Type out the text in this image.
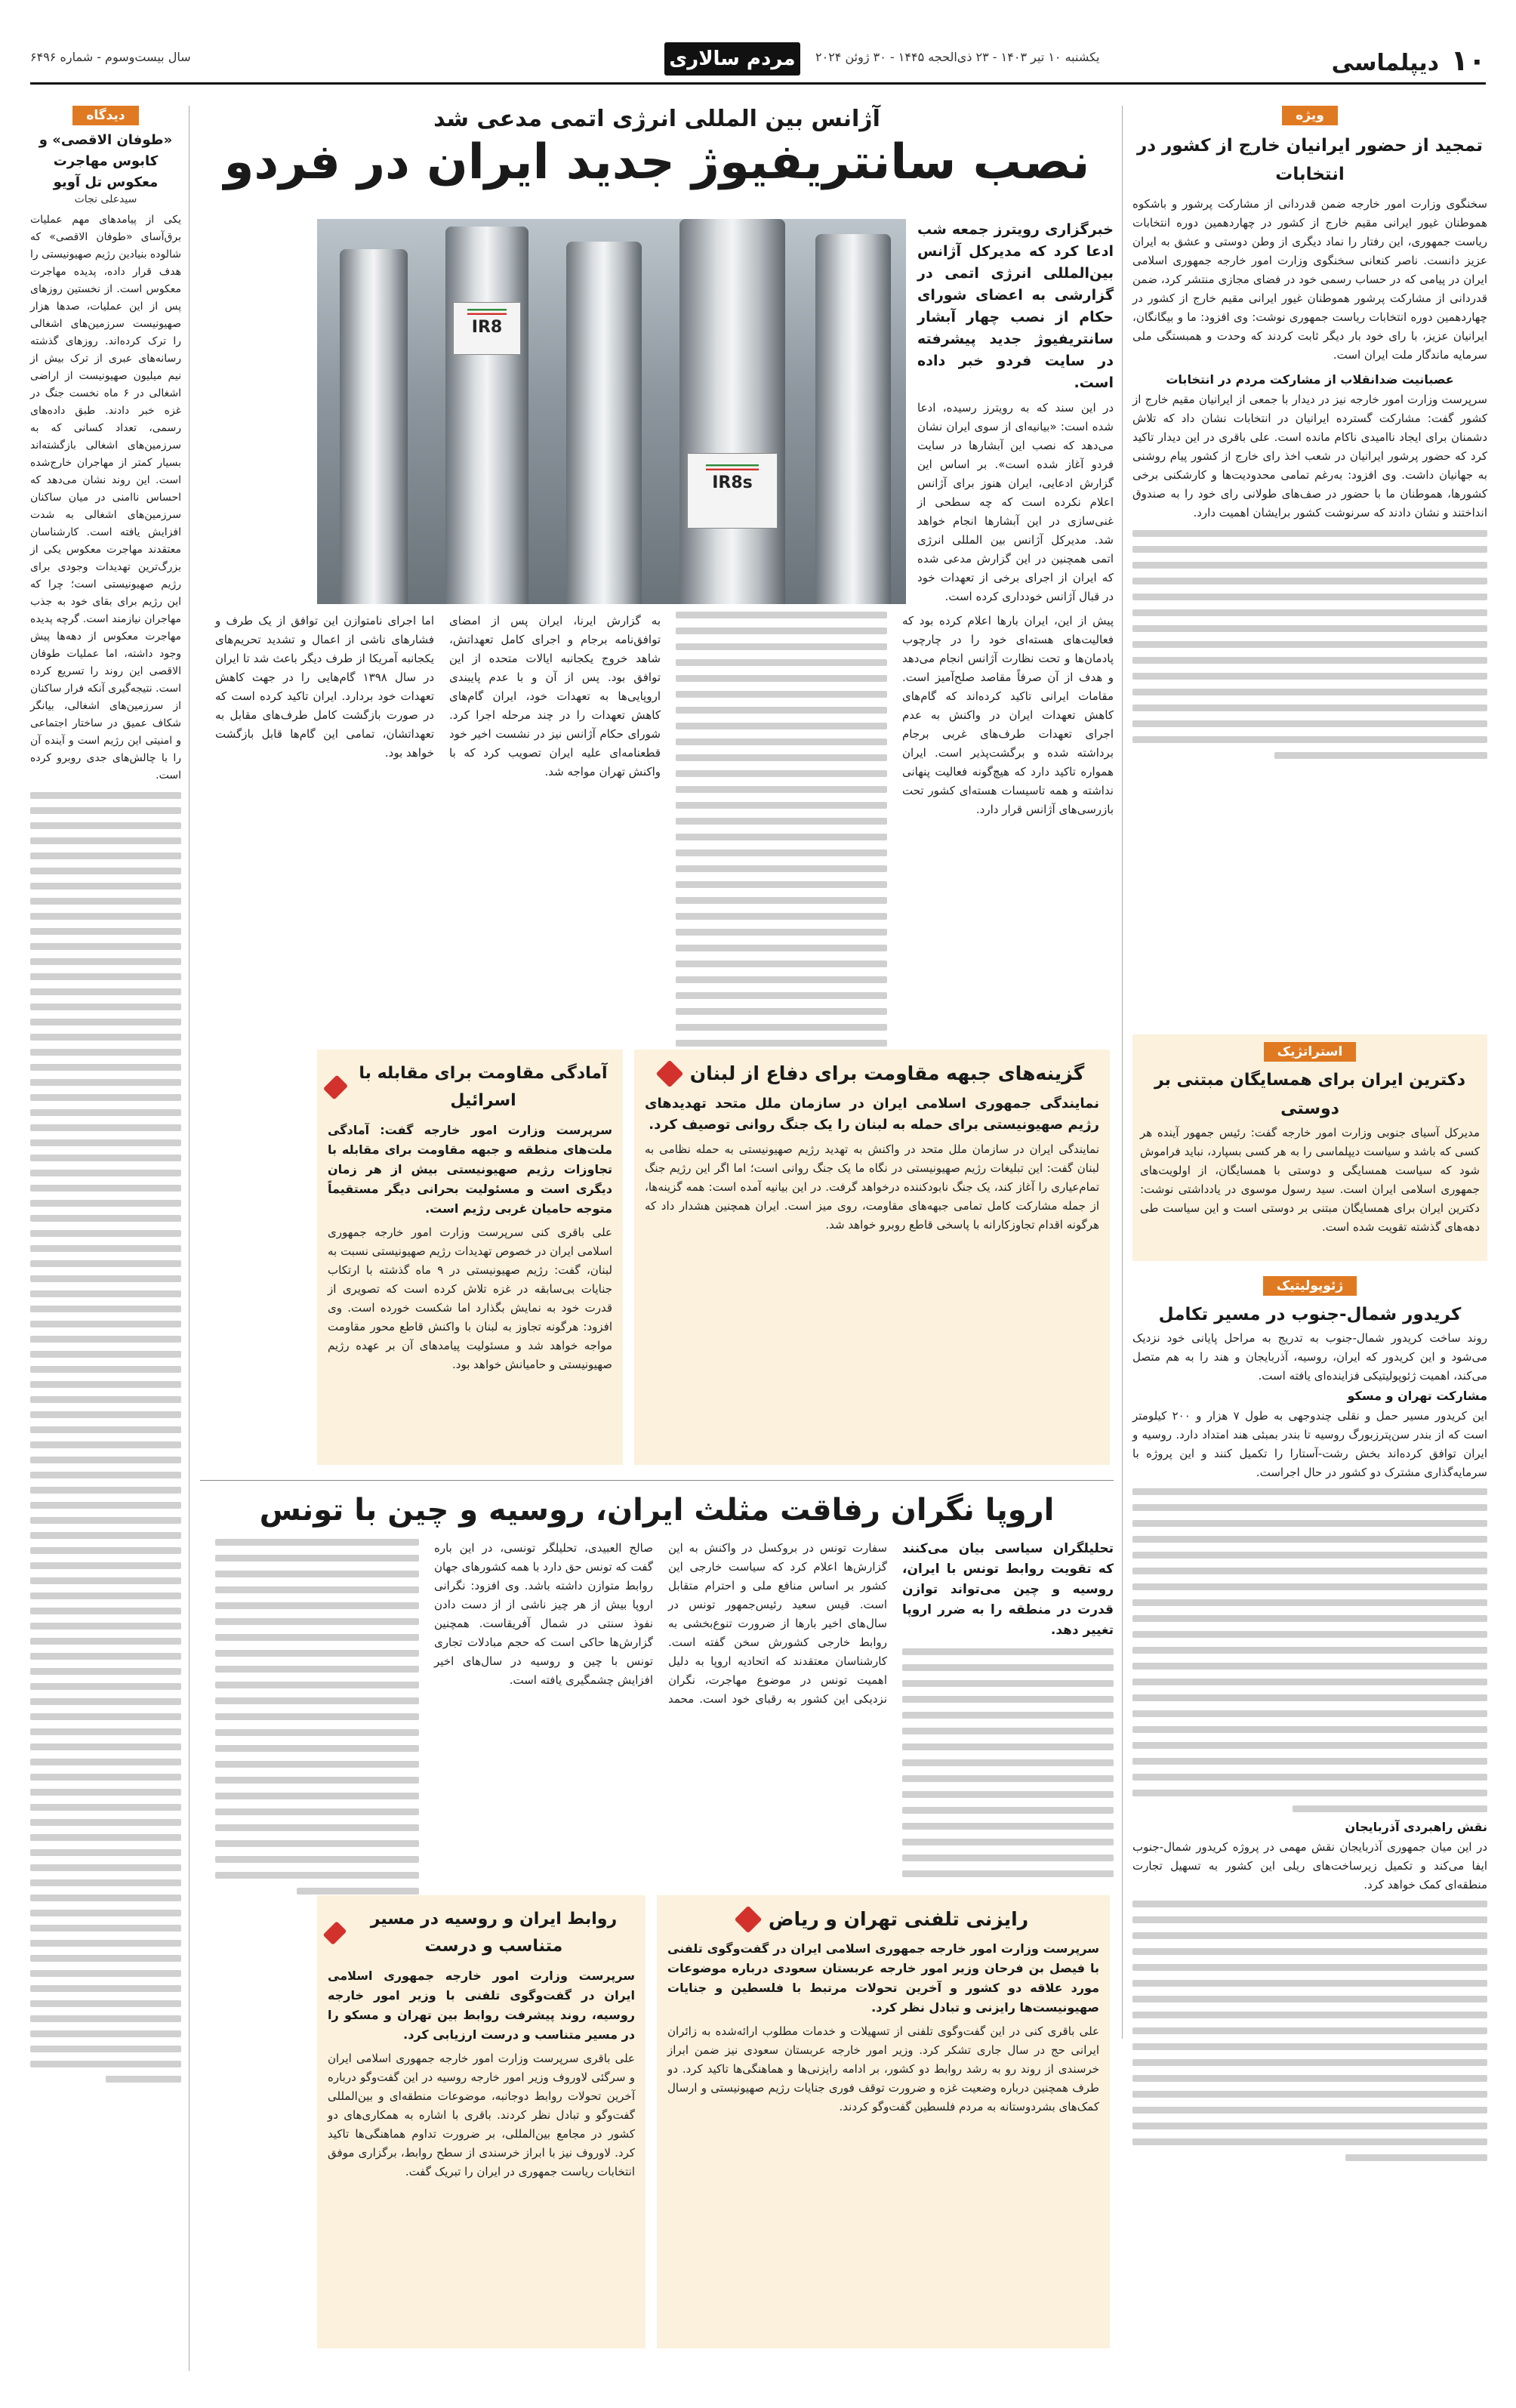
۱۰
دیپلماسی
مردم سالاری	یکشنبه ۱۰ تیر ۱۴۰۳ - ۲۳ ذی‌الحجه ۱۴۴۵ - ۳۰ ژوئن ۲۰۲۴
سال بیست‌وسوم - شماره ۶۴۹۶
ویژه
تمجید از حضور ایرانیان خارج از کشور در انتخابات
سخنگوی وزارت امور خارجه ضمن قدردانی از مشارکت پرشور و باشکوه هموطنان غیور ایرانی مقیم خارج از کشور در چهاردهمین دوره انتخابات ریاست جمهوری، این رفتار را نماد دیگری از وطن دوستی و عشق به ایران عزیز دانست. ناصر کنعانی سخنگوی وزارت امور خارجه جمهوری اسلامی ایران در پیامی که در حساب رسمی خود در فضای مجازی منتشر کرد، ضمن قدردانی از مشارکت پرشور هموطنان غیور ایرانی مقیم خارج از کشور در چهاردهمین دوره انتخابات ریاست جمهوری نوشت: وی افزود: ما و بیگانگان، ایرانیان عزیز، با رای خود بار دیگر ثابت کردند که وحدت و همبستگی ملی سرمایه ماندگار ملت ایران است.
عصبانیت ضدانقلاب از مشارکت مردم در انتخابات
سرپرست وزارت امور خارجه نیز در دیدار با جمعی از ایرانیان مقیم خارج از کشور گفت: مشارکت گسترده ایرانیان در انتخابات نشان داد که تلاش دشمنان برای ایجاد ناامیدی ناکام مانده است. علی باقری در این دیدار تاکید کرد که حضور پرشور ایرانیان در شعب اخذ رای خارج از کشور پیام روشنی به جهانیان داشت. وی افزود: به‌رغم تمامی محدودیت‌ها و کارشکنی برخی کشورها، هموطنان ما با حضور در صف‌های طولانی رای خود را به صندوق انداختند و نشان دادند که سرنوشت کشور برایشان اهمیت دارد.
استراتژیک
دکترین ایران برای همسایگان مبتنی بر دوستی
مدیرکل آسیای جنوبی وزارت امور خارجه گفت: رئیس جمهور آینده هر کسی که باشد و سیاست دیپلماسی را به هر کسی بسپارد، نباید فراموش شود که سیاست همسایگی و دوستی با همسایگان، از اولویت‌های جمهوری اسلامی ایران است. سید رسول موسوی در یادداشتی نوشت: دکترین ایران برای همسایگان مبتنی بر دوستی است و این سیاست طی دهه‌های گذشته تقویت شده است.
ژئوپولیتیک
کریدور شمال-جنوب در مسیر تکامل
روند ساخت کریدور شمال-جنوب به تدریج به مراحل پایانی خود نزدیک می‌شود و این کریدور که ایران، روسیه، آذربایجان و هند را به هم متصل می‌کند، اهمیت ژئوپولیتیکی فزاینده‌ای یافته است.
مشارکت تهران و مسکو
این کریدور مسیر حمل و نقلی چندوجهی به طول ۷ هزار و ۲۰۰ کیلومتر است که از بندر سن‌پترزبورگ روسیه تا بندر بمبئی هند امتداد دارد. روسیه و ایران توافق کرده‌اند بخش رشت-آستارا را تکمیل کنند و این پروژه با سرمایه‌گذاری مشترک دو کشور در حال اجراست.
نقش راهبردی آذربایجان
در این میان جمهوری آذربایجان نقش مهمی در پروژه کریدور شمال-جنوب ایفا می‌کند و تکمیل زیرساخت‌های ریلی این کشور به تسهیل تجارت منطقه‌ای کمک خواهد کرد.
آژانس بین المللی انرژی اتمی مدعی شد
نصب سانتریفیوژ جدید ایران در فردو
خبرگزاری رویترز جمعه شب ادعا کرد که مدیرکل آژانس بین‌المللی انرژی اتمی در گزارشی به اعضای شورای حکام از نصب چهار آبشار سانتریفیوژ جدید پیشرفته در سایت فردو خبر داده است.
در این سند که به رویترز رسیده، ادعا شده است: «بیانیه‌ای از سوی ایران نشان می‌دهد که نصب این آبشارها در سایت فردو آغاز شده است». بر اساس این گزارش ادعایی، ایران هنوز برای آژانس اعلام نکرده است که چه سطحی از غنی‌سازی در این آبشارها انجام خواهد شد. مدیرکل آژانس بین المللی انرژی اتمی همچنین در این گزارش مدعی شده که ایران از اجرای برخی از تعهدات خود در قبال آژانس خودداری کرده است.
IR8
IR8s
پیش از این، ایران بارها اعلام کرده بود که فعالیت‌های هسته‌ای خود را در چارچوب پادمان‌ها و تحت نظارت آژانس انجام می‌دهد و هدف از آن صرفاً مقاصد صلح‌آمیز است. مقامات ایرانی تاکید کرده‌اند که گام‌های کاهش تعهدات ایران در واکنش به عدم اجرای تعهدات طرف‌های غربی برجام برداشته شده و برگشت‌پذیر است. ایران همواره تاکید دارد که هیچ‌گونه فعالیت پنهانی نداشته و همه تاسیسات هسته‌ای کشور تحت بازرسی‌های آژانس قرار دارد.
به گزارش ایرنا، ایران پس از امضای توافق‌نامه برجام و اجرای کامل تعهداتش، شاهد خروج یکجانبه ایالات متحده از این توافق بود. پس از آن و با عدم پایبندی اروپایی‌ها به تعهدات خود، ایران گام‌های کاهش تعهدات را در چند مرحله اجرا کرد. شورای حکام آژانس نیز در نشست اخیر خود قطعنامه‌ای علیه ایران تصویب کرد که با واکنش تهران مواجه شد.
اما اجرای نامتوازن این توافق از یک طرف و فشارهای ناشی از اعمال و تشدید تحریم‌های یکجانبه آمریکا از طرف دیگر باعث شد تا ایران در سال ۱۳۹۸ گام‌هایی را در جهت کاهش تعهدات خود بردارد. ایران تاکید کرده است که در صورت بازگشت کامل طرف‌های مقابل به تعهداتشان، تمامی این گام‌ها قابل بازگشت خواهد بود.
گزینه‌های جبهه مقاومت برای دفاع از لبنان
نمایندگی جمهوری اسلامی ایران در سازمان ملل متحد تهدیدهای رژیم صهیونیستی برای حمله به لبنان را یک جنگ روانی توصیف کرد.
نمایندگی ایران در سازمان ملل متحد در واکنش به تهدید رژیم صهیونیستی به حمله نظامی به لبنان گفت: این تبلیغات رژیم صهیونیستی در نگاه ما یک جنگ روانی است؛ اما اگر این رژیم جنگ تمام‌عیاری را آغاز کند، یک جنگ نابودکننده درخواهد گرفت. در این بیانیه آمده است: همه گزینه‌ها، از جمله مشارکت کامل تمامی جبهه‌های مقاومت، روی میز است. ایران همچنین هشدار داد که هرگونه اقدام تجاوزکارانه با پاسخی قاطع روبرو خواهد شد.
آمادگی مقاومت برای مقابله با اسرائیل
سرپرست وزارت امور خارجه گفت: آمادگی ملت‌های منطقه و جبهه مقاومت برای مقابله با تجاوزات رژیم صهیونیستی بیش از هر زمان دیگری است و مسئولیت بحرانی دیگر مستقیماً متوجه حامیان غربی رژیم است.
علی باقری کنی سرپرست وزارت امور خارجه جمهوری اسلامی ایران در خصوص تهدیدات رژیم صهیونیستی نسبت به لبنان، گفت: رژیم صهیونیستی در ۹ ماه گذشته با ارتکاب جنایات بی‌سابقه در غزه تلاش کرده است که تصویری از قدرت خود به نمایش بگذارد اما شکست خورده است. وی افزود: هرگونه تجاوز به لبنان با واکنش قاطع محور مقاومت مواجه خواهد شد و مسئولیت پیامدهای آن بر عهده رژیم صهیونیستی و حامیانش خواهد بود.
اروپا نگران رفاقت مثلث ایران، روسیه و چین با تونس
تحلیلگران سیاسی بیان می‌کنند که تقویت روابط تونس با ایران، روسیه و چین می‌تواند توازن قدرت در منطقه را به ضرر اروپا تغییر دهد.
سفارت تونس در بروکسل در واکنش به این گزارش‌ها اعلام کرد که سیاست خارجی این کشور بر اساس منافع ملی و احترام متقابل است. قیس سعید رئیس‌جمهور تونس در سال‌های اخیر بارها از ضرورت تنوع‌بخشی به روابط خارجی کشورش سخن گفته است. کارشناسان معتقدند که اتحادیه اروپا به دلیل اهمیت تونس در موضوع مهاجرت، نگران نزدیکی این کشور به رقبای خود است. محمد صالح العبیدی، تحلیلگر تونسی، در این باره گفت که تونس حق دارد با همه کشورهای جهان روابط متوازن داشته باشد. وی افزود: نگرانی اروپا بیش از هر چیز ناشی از از دست دادن نفوذ سنتی در شمال آفریقاست. همچنین گزارش‌ها حاکی است که حجم مبادلات تجاری تونس با چین و روسیه در سال‌های اخیر افزایش چشمگیری یافته است.
رایزنی تلفنی تهران و ریاض
سرپرست وزارت امور خارجه جمهوری اسلامی ایران در گفت‌وگوی تلفنی با فیصل بن فرحان وزیر امور خارجه عربستان سعودی درباره موضوعات مورد علاقه دو کشور و آخرین تحولات مرتبط با فلسطین و جنایات صهیونیست‌ها رایزنی و تبادل نظر کرد.
علی باقری کنی در این گفت‌وگوی تلفنی از تسهیلات و خدمات مطلوب ارائه‌شده به زائران ایرانی حج در سال جاری تشکر کرد. وزیر امور خارجه عربستان سعودی نیز ضمن ابراز خرسندی از روند رو به رشد روابط دو کشور، بر ادامه رایزنی‌ها و هماهنگی‌ها تاکید کرد. دو طرف همچنین درباره وضعیت غزه و ضرورت توقف فوری جنایات رژیم صهیونیستی و ارسال کمک‌های بشردوستانه به مردم فلسطین گفت‌وگو کردند.
روابط ایران و روسیه در مسیر متناسب و درست
سرپرست وزارت امور خارجه جمهوری اسلامی ایران در گفت‌وگوی تلفنی با وزیر امور خارجه روسیه، روند پیشرفت روابط بین تهران و مسکو را در مسیر متناسب و درست ارزیابی کرد.
علی باقری سرپرست وزارت امور خارجه جمهوری اسلامی ایران و سرگئی لاوروف وزیر امور خارجه روسیه در این گفت‌وگو درباره آخرین تحولات روابط دوجانبه، موضوعات منطقه‌ای و بین‌المللی گفت‌وگو و تبادل نظر کردند. باقری با اشاره به همکاری‌های دو کشور در مجامع بین‌المللی، بر ضرورت تداوم هماهنگی‌ها تاکید کرد. لاوروف نیز با ابراز خرسندی از سطح روابط، برگزاری موفق انتخابات ریاست جمهوری در ایران را تبریک گفت.
دیدگاه
«طوفان الاقصی» و کابوس مهاجرت معکوس تل آویو
سیدعلی نجات
یکی از پیامدهای مهم عملیات برق‌آسای «طوفان الاقصی» که شالوده بنیادین رژیم صهیونیستی را هدف قرار داده، پدیده مهاجرت معکوس است. از نخستین روزهای پس از این عملیات، صدها هزار صهیونیست سرزمین‌های اشغالی را ترک کرده‌اند. روزهای گذشته رسانه‌های عبری از ترک بیش از نیم میلیون صهیونیست از اراضی اشغالی در ۶ ماه نخست جنگ در غزه خبر دادند. طبق داده‌های رسمی، تعداد کسانی که به سرزمین‌های اشغالی بازگشته‌اند بسیار کمتر از مهاجران خارج‌شده است. این روند نشان می‌دهد که احساس ناامنی در میان ساکنان سرزمین‌های اشغالی به شدت افزایش یافته است. کارشناسان معتقدند مهاجرت معکوس یکی از بزرگ‌ترین تهدیدات وجودی برای رژیم صهیونیستی است؛ چرا که این رژیم برای بقای خود به جذب مهاجران نیازمند است. گرچه پدیده مهاجرت معکوس از دهه‌ها پیش وجود داشته، اما عملیات طوفان الاقصی این روند را تسریع کرده است. نتیجه‌گیری آنکه فرار ساکنان از سرزمین‌های اشغالی، بیانگر شکاف عمیق در ساختار اجتماعی و امنیتی این رژیم است و آینده آن را با چالش‌های جدی روبرو کرده است.
